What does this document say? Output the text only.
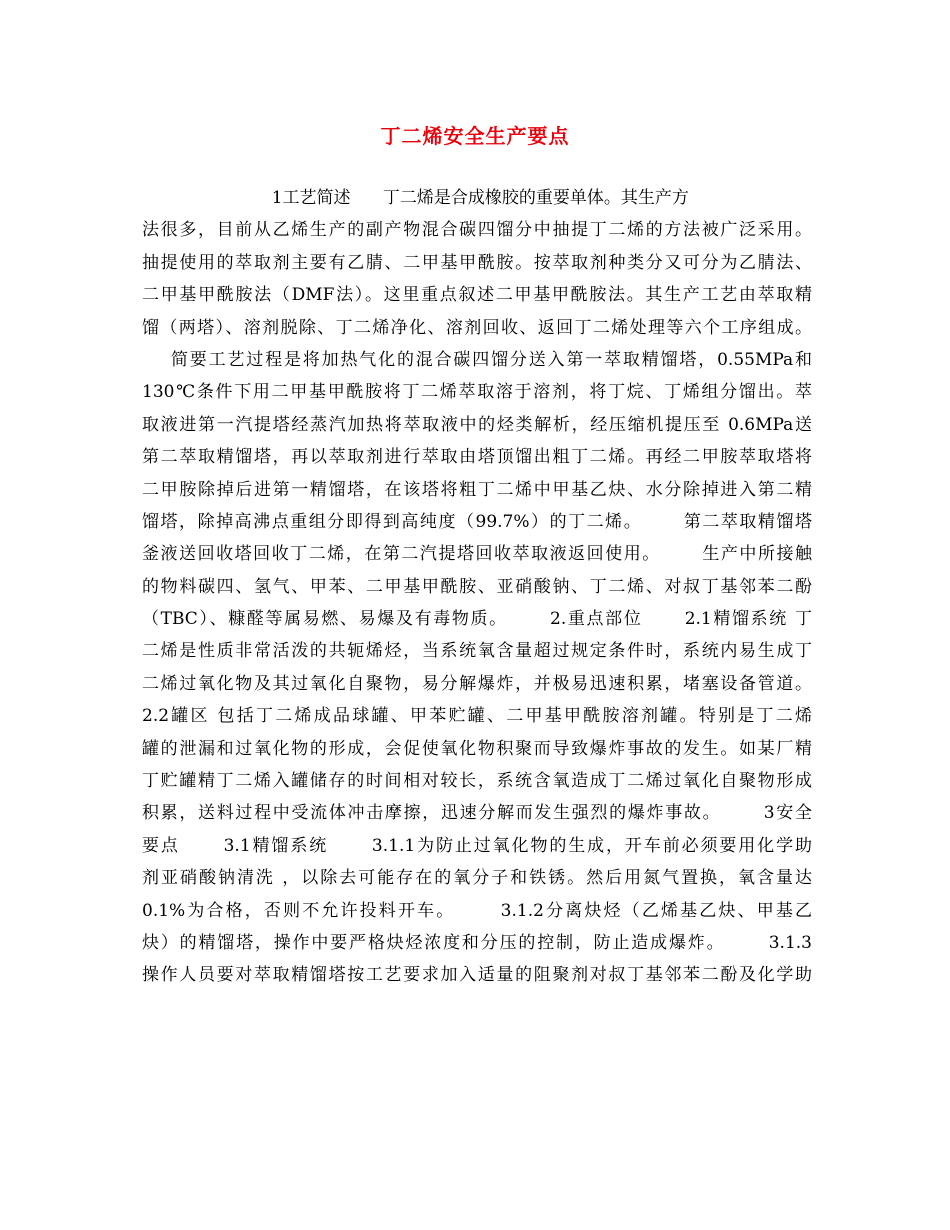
丁二烯安全生产要点
1工艺简述      丁二烯是合成橡胶的重要单体。其生产方
法很多，目前从乙烯生产的副产物混合碳四馏分中抽提丁二烯的方法被广泛采用。
抽提使用的萃取剂主要有乙腈、二甲基甲酰胺。按萃取剂种类分又可分为乙腈法、
二甲基甲酰胺法（DMF法）。这里重点叙述二甲基甲酰胺法。其生产工艺由萃取精
馏（两塔）、溶剂脱除、丁二烯净化、溶剂回收、返回丁二烯处理等六个工序组成。
简要工艺过程是将加热气化的混合碳四馏分送入第一萃取精馏塔，0.55MPa和
130℃条件下用二甲基甲酰胺将丁二烯萃取溶于溶剂，将丁烷、丁烯组分馏出。萃
取液进第一汽提塔经蒸汽加热将萃取液中的烃类解析，经压缩机提压至 0.6MPa送
第二萃取精馏塔，再以萃取剂进行萃取由塔顶馏出粗丁二烯。再经二甲胺萃取塔将
二甲胺除掉后进第一精馏塔，在该塔将粗丁二烯中甲基乙炔、水分除掉进入第二精
馏塔，除掉高沸点重组分即得到高纯度（99.7%）的丁二烯。      第二萃取精馏塔
釜液送回收塔回收丁二烯，在第二汽提塔回收萃取液返回使用。      生产中所接触
的物料碳四、氢气、甲苯、二甲基甲酰胺、亚硝酸钠、丁二烯、对叔丁基邻苯二酚
（TBC）、糠醛等属易燃、易爆及有毒物质。      2.重点部位      2.1精馏系统 丁
二烯是性质非常活泼的共轭烯烃，当系统氧含量超过规定条件时，系统内易生成丁
二烯过氧化物及其过氧化自聚物，易分解爆炸，并极易迅速积累，堵塞设备管道。
2.2罐区 包括丁二烯成品球罐、甲苯贮罐、二甲基甲酰胺溶剂罐。特别是丁二烯
罐的泄漏和过氧化物的形成，会促使氧化物积聚而导致爆炸事故的发生。如某厂精
丁贮罐精丁二烯入罐储存的时间相对较长，系统含氧造成丁二烯过氧化自聚物形成
积累，送料过程中受流体冲击摩擦，迅速分解而发生强烈的爆炸事故。      3安全
要点      3.1精馏系统      3.1.1为防止过氧化物的生成，开车前必须要用化学助
剂亚硝酸钠清洗 ，以除去可能存在的氧分子和铁锈。然后用氮气置换，氧含量达
0.1%为合格，否则不允许投料开车。      3.1.2分离炔烃（乙烯基乙炔、甲基乙
炔）的精馏塔，操作中要严格炔烃浓度和分压的控制，防止造成爆炸。      3.1.3
操作人员要对萃取精馏塔按工艺要求加入适量的阻聚剂对叔丁基邻苯二酚及化学助
